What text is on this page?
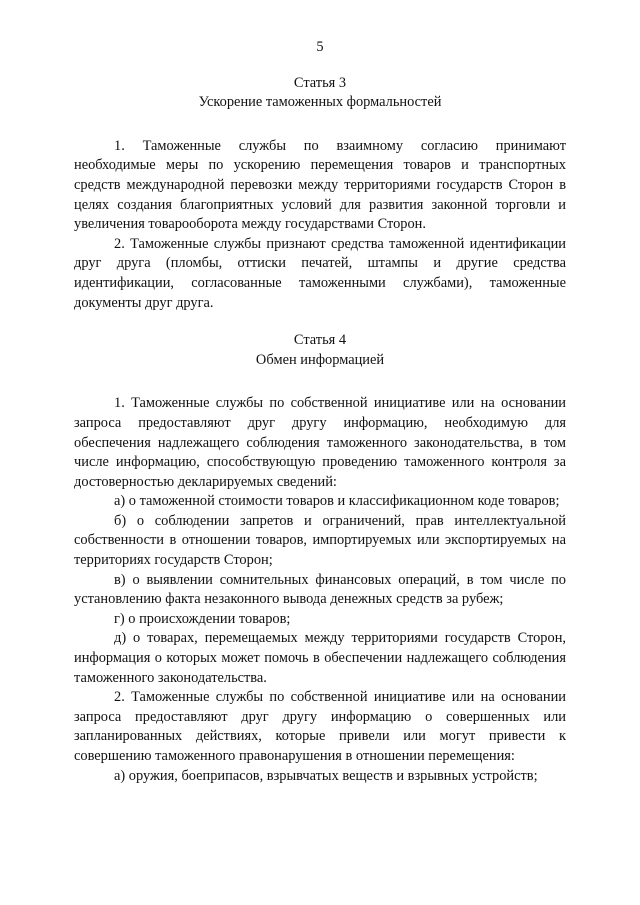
5
Статья 3
Ускорение таможенных формальностей

1. Таможенные службы по взаимному согласию принимают необходимые меры по ускорению перемещения товаров и транспортных средств международной перевозки между территориями государств Сторон в целях создания благоприятных условий для развития законной торговли и увеличения товарооборота между государствами Сторон.

2. Таможенные службы признают средства таможенной идентификации друг друга (пломбы, оттиски печатей, штампы и другие средства идентификации, согласованные таможенными службами), таможенные документы друг друга.

Статья 4
Обмен информацией

1. Таможенные службы по собственной инициативе или на основании запроса предоставляют друг другу информацию, необходимую для обеспечения надлежащего соблюдения таможенного законодательства, в том числе информацию, способствующую проведению таможенного контроля за достоверностью декларируемых сведений:

а) о таможенной стоимости товаров и классификационном коде товаров;

б) о соблюдении запретов и ограничений, прав интеллектуальной собственности в отношении товаров, импортируемых или экспортируемых на территориях государств Сторон;

в) о выявлении сомнительных финансовых операций, в том числе по установлению факта незаконного вывода денежных средств за рубеж;

г) о происхождении товаров;

д) о товарах, перемещаемых между территориями государств Сторон, информация о которых может помочь в обеспечении надлежащего соблюдения таможенного законодательства.

2. Таможенные службы по собственной инициативе или на основании запроса предоставляют друг другу информацию о совершенных или запланированных действиях, которые привели или могут привести к совершению таможенного правонарушения в отношении перемещения:

а) оружия, боеприпасов, взрывчатых веществ и взрывных устройств;
